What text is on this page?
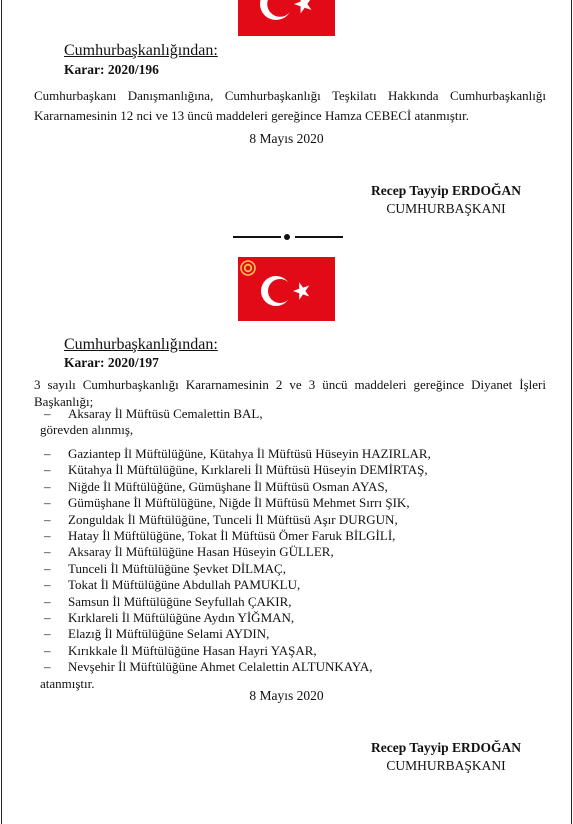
Cumhurbaşkanlığından:
Karar: 2020/196
Cumhurbaşkanı Danışmanlığına, Cumhurbaşkanlığı Teşkilatı Hakkında Cumhurbaşkanlığı Kararnamesinin 12 nci ve 13 üncü maddeleri gereğince Hamza CEBECİ atanmıştır.
8 Mayıs 2020
Recep Tayyip ERDOĞAN
CUMHURBAŞKANI
Cumhurbaşkanlığından:
Karar: 2020/197
3 sayılı Cumhurbaşkanlığı Kararnamesinin 2 ve 3 üncü maddeleri gereğince Diyanet İşleri Başkanlığı;
– Aksaray İl Müftüsü Cemalettin BAL,
görevden alınmış,
– Gaziantep İl Müftülüğüne, Kütahya İl Müftüsü Hüseyin HAZIRLAR,
– Kütahya İl Müftülüğüne, Kırklareli İl Müftüsü Hüseyin DEMİRTAŞ,
– Niğde İl Müftülüğüne, Gümüşhane İl Müftüsü Osman AYAS,
– Gümüşhane İl Müftülüğüne, Niğde İl Müftüsü Mehmet Sırrı ŞIK,
– Zonguldak İl Müftülüğüne, Tunceli İl Müftüsü Aşır DURGUN,
– Hatay İl Müftülüğüne, Tokat İl Müftüsü Ömer Faruk BİLGİLİ,
– Aksaray İl Müftülüğüne Hasan Hüseyin GÜLLER,
– Tunceli İl Müftülüğüne Şevket DİLMAÇ,
– Tokat İl Müftülüğüne Abdullah PAMUKLU,
– Samsun İl Müftülüğüne Seyfullah ÇAKIR,
– Kırklareli İl Müftülüğüne Aydın YİĞMAN,
– Elazığ İl Müftülüğüne Selami AYDIN,
– Kırıkkale İl Müftülüğüne Hasan Hayri YAŞAR,
– Nevşehir İl Müftülüğüne Ahmet Celalettin ALTUNKAYA,
atanmıştır.
8 Mayıs 2020
Recep Tayyip ERDOĞAN
CUMHURBAŞKANI
